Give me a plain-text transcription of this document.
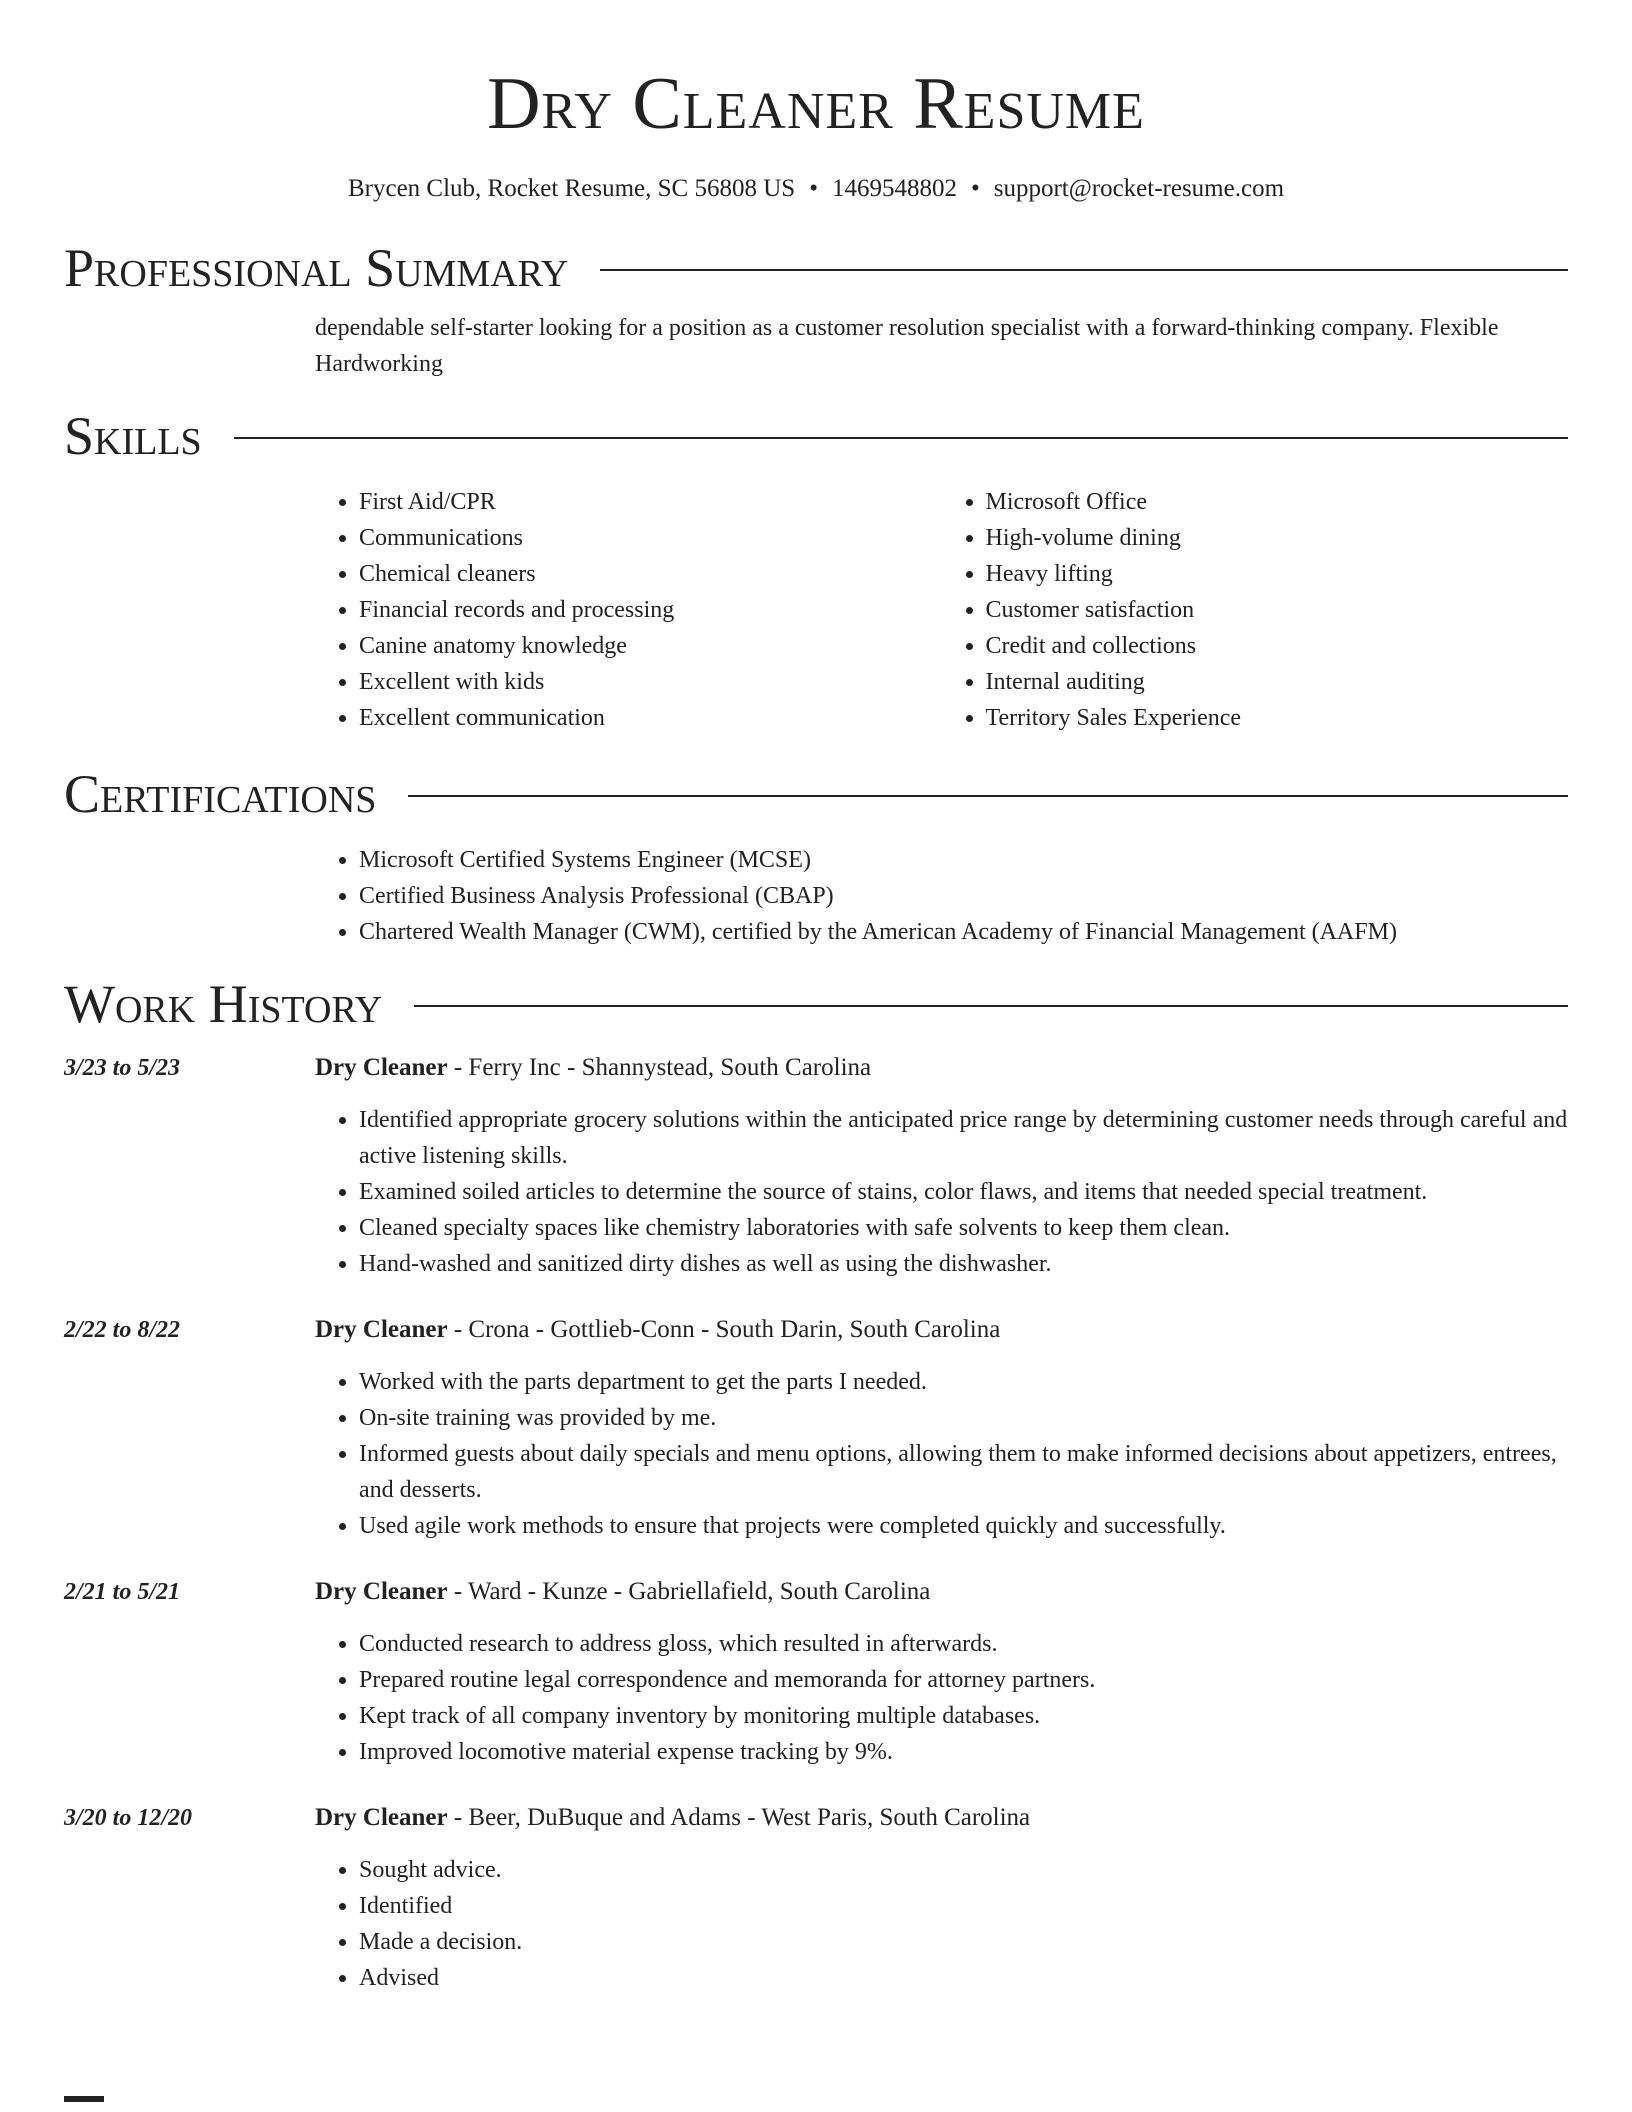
Dry Cleaner Resume
Brycen Club, Rocket Resume, SC 56808 US • 1469548802 • support@rocket-resume.com
Professional Summary
dependable self-starter looking for a position as a customer resolution specialist with a forward-thinking company. Flexible Hardworking
Skills
• First Aid/CPR
• Communications
• Chemical cleaners
• Financial records and processing
• Canine anatomy knowledge
• Excellent with kids
• Excellent communication
• Microsoft Office
• High-volume dining
• Heavy lifting
• Customer satisfaction
• Credit and collections
• Internal auditing
• Territory Sales Experience
Certifications
• Microsoft Certified Systems Engineer (MCSE)
• Certified Business Analysis Professional (CBAP)
• Chartered Wealth Manager (CWM), certified by the American Academy of Financial Management (AAFM)
Work History
3/23 to 5/23	Dry Cleaner - Ferry Inc - Shannystead, South Carolina
• Identified appropriate grocery solutions within the anticipated price range by determining customer needs through careful and active listening skills.
• Examined soiled articles to determine the source of stains, color flaws, and items that needed special treatment.
• Cleaned specialty spaces like chemistry laboratories with safe solvents to keep them clean.
• Hand-washed and sanitized dirty dishes as well as using the dishwasher.
2/22 to 8/22	Dry Cleaner - Crona - Gottlieb-Conn - South Darin, South Carolina
• Worked with the parts department to get the parts I needed.
• On-site training was provided by me.
• Informed guests about daily specials and menu options, allowing them to make informed decisions about appetizers, entrees, and desserts.
• Used agile work methods to ensure that projects were completed quickly and successfully.
2/21 to 5/21	Dry Cleaner - Ward - Kunze - Gabriellafield, South Carolina
• Conducted research to address gloss, which resulted in afterwards.
• Prepared routine legal correspondence and memoranda for attorney partners.
• Kept track of all company inventory by monitoring multiple databases.
• Improved locomotive material expense tracking by 9%.
3/20 to 12/20	Dry Cleaner - Beer, DuBuque and Adams - West Paris, South Carolina
• Sought advice.
• Identified
• Made a decision.
• Advised
